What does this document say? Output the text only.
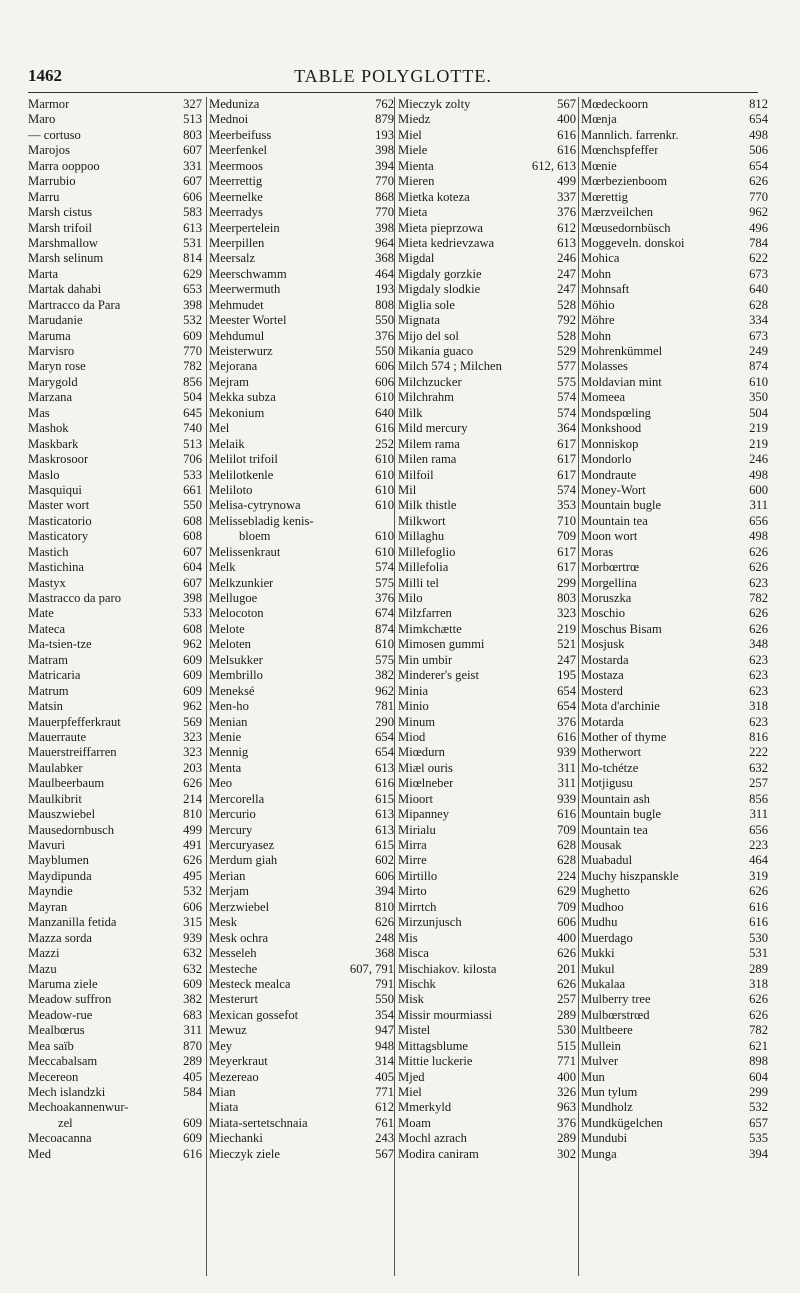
1462	TABLE POLYGLOTTE.
Marmor	327
Maro	513
— cortuso	803
Marojos	607
Marra ooppoo	331
Marrubio	607
Marru	606
Marsh cistus	583
Marsh trifoil	613
Marshmallow	531
Marsh selinum	814
Marta	629
Martak dahabi	653
Martracco da Para	398
Marudanie	532
Maruma	609
Marvisro	770
Maryn rose	782
Marygold	856
Marzana	504
Mas	645
Mashok	740
Maskbark	513
Maskrosoor	706
Maslo	533
Masquiqui	661
Master wort	550
Masticatorio	608
Masticatory	608
Mastich	607
Mastichina	604
Mastyx	607
Mastracco da paro	398
Mate	533
Mateca	608
Ma-tsien-tze	962
Matram	609
Matricaria	609
Matrum	609
Matsin	962
Mauerpfefferkraut	569
Mauerraute	323
Mauerstreiffarren	323
Maulabker	203
Maulbeerbaum	626
Maulkibrit	214
Mauszwiebel	810
Mausedornbusch	499
Mavuri	491
Mayblumen	626
Maydipunda	495
Mayndie	532
Mayran	606
Manzanilla fetida	315
Mazza sorda	939
Mazzi	632
Mazu	632
Maruma ziele	609
Meadow suffron	382
Meadow-rue	683
Mealbœrus	311
Mea saïb	870
Meccabalsam	289
Mecereon	405
Mech islandzki	584
Mechoakannenwur-
zel	609
Mecoacanna	609
Med	616
Meduniza	762
Mednoi	879
Meerbeifuss	193
Meerfenkel	398
Meermoos	394
Meerrettig	770
Meernelke	868
Meerradys	770
Meerpertelein	398
Meerpillen	964
Meersalz	368
Meerschwamm	464
Meerwermuth	193
Mehmudet	808
Meester Wortel	550
Mehdumul	376
Meisterwurz	550
Mejorana	606
Mejram	606
Mekka subza	610
Mekonium	640
Mel	616
Melaik	252
Melilot trifoil	610
Melilotkenle	610
Meliloto	610
Melisa-cytrynowa	610
Melissebladig kenis-
bloem	610
Melissenkraut	610
Melk	574
Melkzunkier	575
Mellugoe	376
Melocoton	674
Melote	874
Meloten	610
Melsukker	575
Membrillo	382
Meneksé	962
Men-ho	781
Menian	290
Menie	654
Mennig	654
Menta	613
Meo	616
Mercorella	615
Mercurio	613
Mercury	613
Mercuryasez	615
Merdum giah	602
Merian	606
Merjam	394
Merzwiebel	810
Mesk	626
Mesk ochra	248
Messeleh	368
Mesteche	607, 791
Mesteck mealca	791
Mesterurt	550
Mexican gossefot	354
Mewuz	947
Mey	948
Meyerkraut	314
Mezereao	405
Mian	771
Miata	612
Miata-sertetschnaia	761
Miechanki	243
Mieczyk ziele	567
Mieczyk zolty	567
Miedz	400
Miel	616
Miele	616
Mienta	612, 613
Mieren	499
Mietka koteza	337
Mieta	376
Mieta pieprzowa	612
Mieta kedrievzawa	613
Migdal	246
Migdaly gorzkie	247
Migdaly slodkie	247
Miglia sole	528
Mignata	792
Mijo del sol	528
Mikania guaco	529
Milch 574 ; Milchen	577
Milchzucker	575
Milchrahm	574
Milk	574
Mild mercury	364
Milem rama	617
Milen rama	617
Milfoil	617
Mil	574
Milk thistle	353
Milkwort	710
Millaghu	709
Millefoglio	617
Millefolia	617
Milli tel	299
Milo	803
Milzfarren	323
Mimkchætte	219
Mimosen gummi	521
Min umbir	247
Minderer's geist	195
Minia	654
Minio	654
Minum	376
Miod	616
Miœdurn	939
Miæl ouris	311
Miœlneber	311
Mioort	939
Mipanney	616
Mirialu	709
Mirra	628
Mirre	628
Mirtillo	224
Mirto	629
Mirrtch	709
Mirzunjusch	606
Mis	400
Misca	626
Mischiakov. kilosta	201
Mischk	626
Misk	257
Missir mourmiassi	289
Mistel	530
Mittagsblume	515
Mittie luckerie	771
Mjed	400
Miel	326
Mmerkyld	963
Moam	376
Mochl azrach	289
Modira caniram	302
Mœdeckoorn	812
Mœnja	654
Mannlich. farrenkr.	498
Mœnchspfeffer	506
Mœnie	654
Mœrbezienboom	626
Mœrettig	770
Mærzveilchen	962
Mœusedornbüsch	496
Moggeveln. donskoi	784
Mohica	622
Mohn	673
Mohnsaft	640
Möhio	628
Möhre	334
Mohn	673
Mohrenkümmel	249
Molasses	874
Moldavian mint	610
Momeea	350
Mondspœling	504
Monkshood	219
Monniskop	219
Mondorlo	246
Mondraute	498
Money-Wort	600
Mountain bugle	311
Mountain tea	656
Moon wort	498
Moras	626
Morbœrtrœ	626
Morgellina	623
Moruszka	782
Moschio	626
Moschus Bisam	626
Mosjusk	348
Mostarda	623
Mostaza	623
Mosterd	623
Mota d'archinie	318
Motarda	623
Mother of thyme	816
Motherwort	222
Mo-tchétze	632
Motjigusu	257
Mountain ash	856
Mountain bugle	311
Mountain tea	656
Mousak	223
Muabadul	464
Muchy hiszpanskle	319
Mughetto	626
Mudhoo	616
Mudhu	616
Muerdago	530
Mukki	531
Mukul	289
Mukalaa	318
Mulberry tree	626
Mulbœrstrœd	626
Multbeere	782
Mullein	621
Mulver	898
Mun	604
Mun tylum	299
Mundholz	532
Mundkügelchen	657
Mundubi	535
Munga	394
